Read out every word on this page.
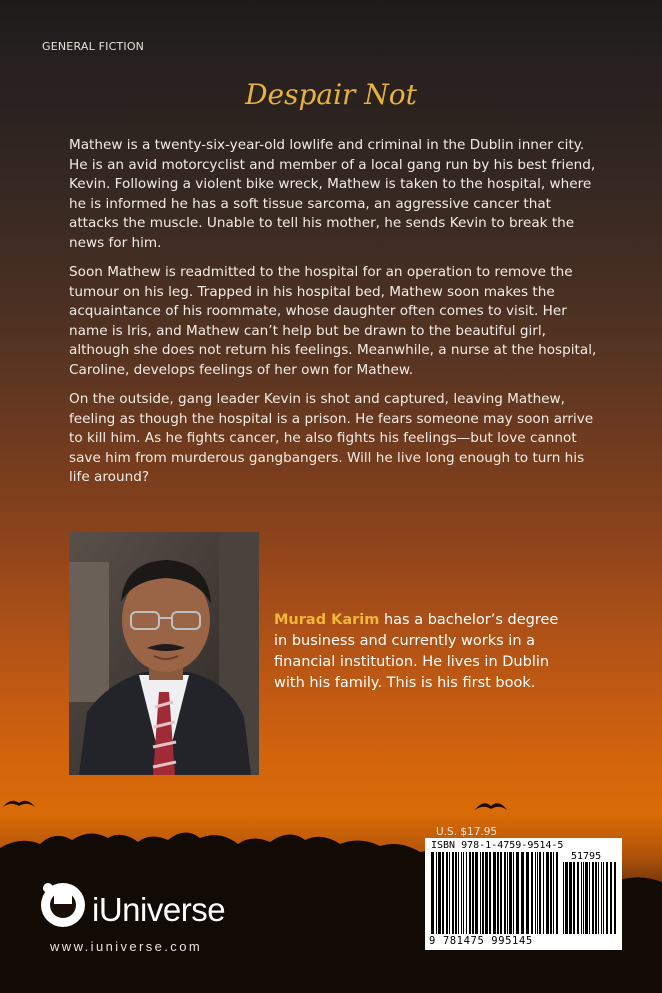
GENERAL FICTION
Despair Not

Mathew is a twenty-six-year-old lowlife and criminal in the Dublin inner city. He is an avid motorcyclist and member of a local gang run by his best friend, Kevin. Following a violent bike wreck, Mathew is taken to the hospital, where he is informed he has a soft tissue sarcoma, an aggressive cancer that attacks the muscle. Unable to tell his mother, he sends Kevin to break the news for him.

Soon Mathew is readmitted to the hospital for an operation to remove the tumour on his leg. Trapped in his hospital bed, Mathew soon makes the acquaintance of his roommate, whose daughter often comes to visit. Her name is Iris, and Mathew can’t help but be drawn to the beautiful girl, although she does not return his feelings. Meanwhile, a nurse at the hospital, Caroline, develops feelings of her own for Mathew.

On the outside, gang leader Kevin is shot and captured, leaving Mathew, feeling as though the hospital is a prison. He fears someone may soon arrive to kill him. As he fights cancer, he also fights his feelings—but love cannot save him from murderous gangbangers. Will he live long enough to turn his life around?

Murad Karim has a bachelor’s degree in business and currently works in a financial institution. He lives in Dublin with his family. This is his first book.
U.S. $17.95
ISBN 978-1-4759-9514-5
51795
9 781475 995145
iUniverse
www.iuniverse.com
